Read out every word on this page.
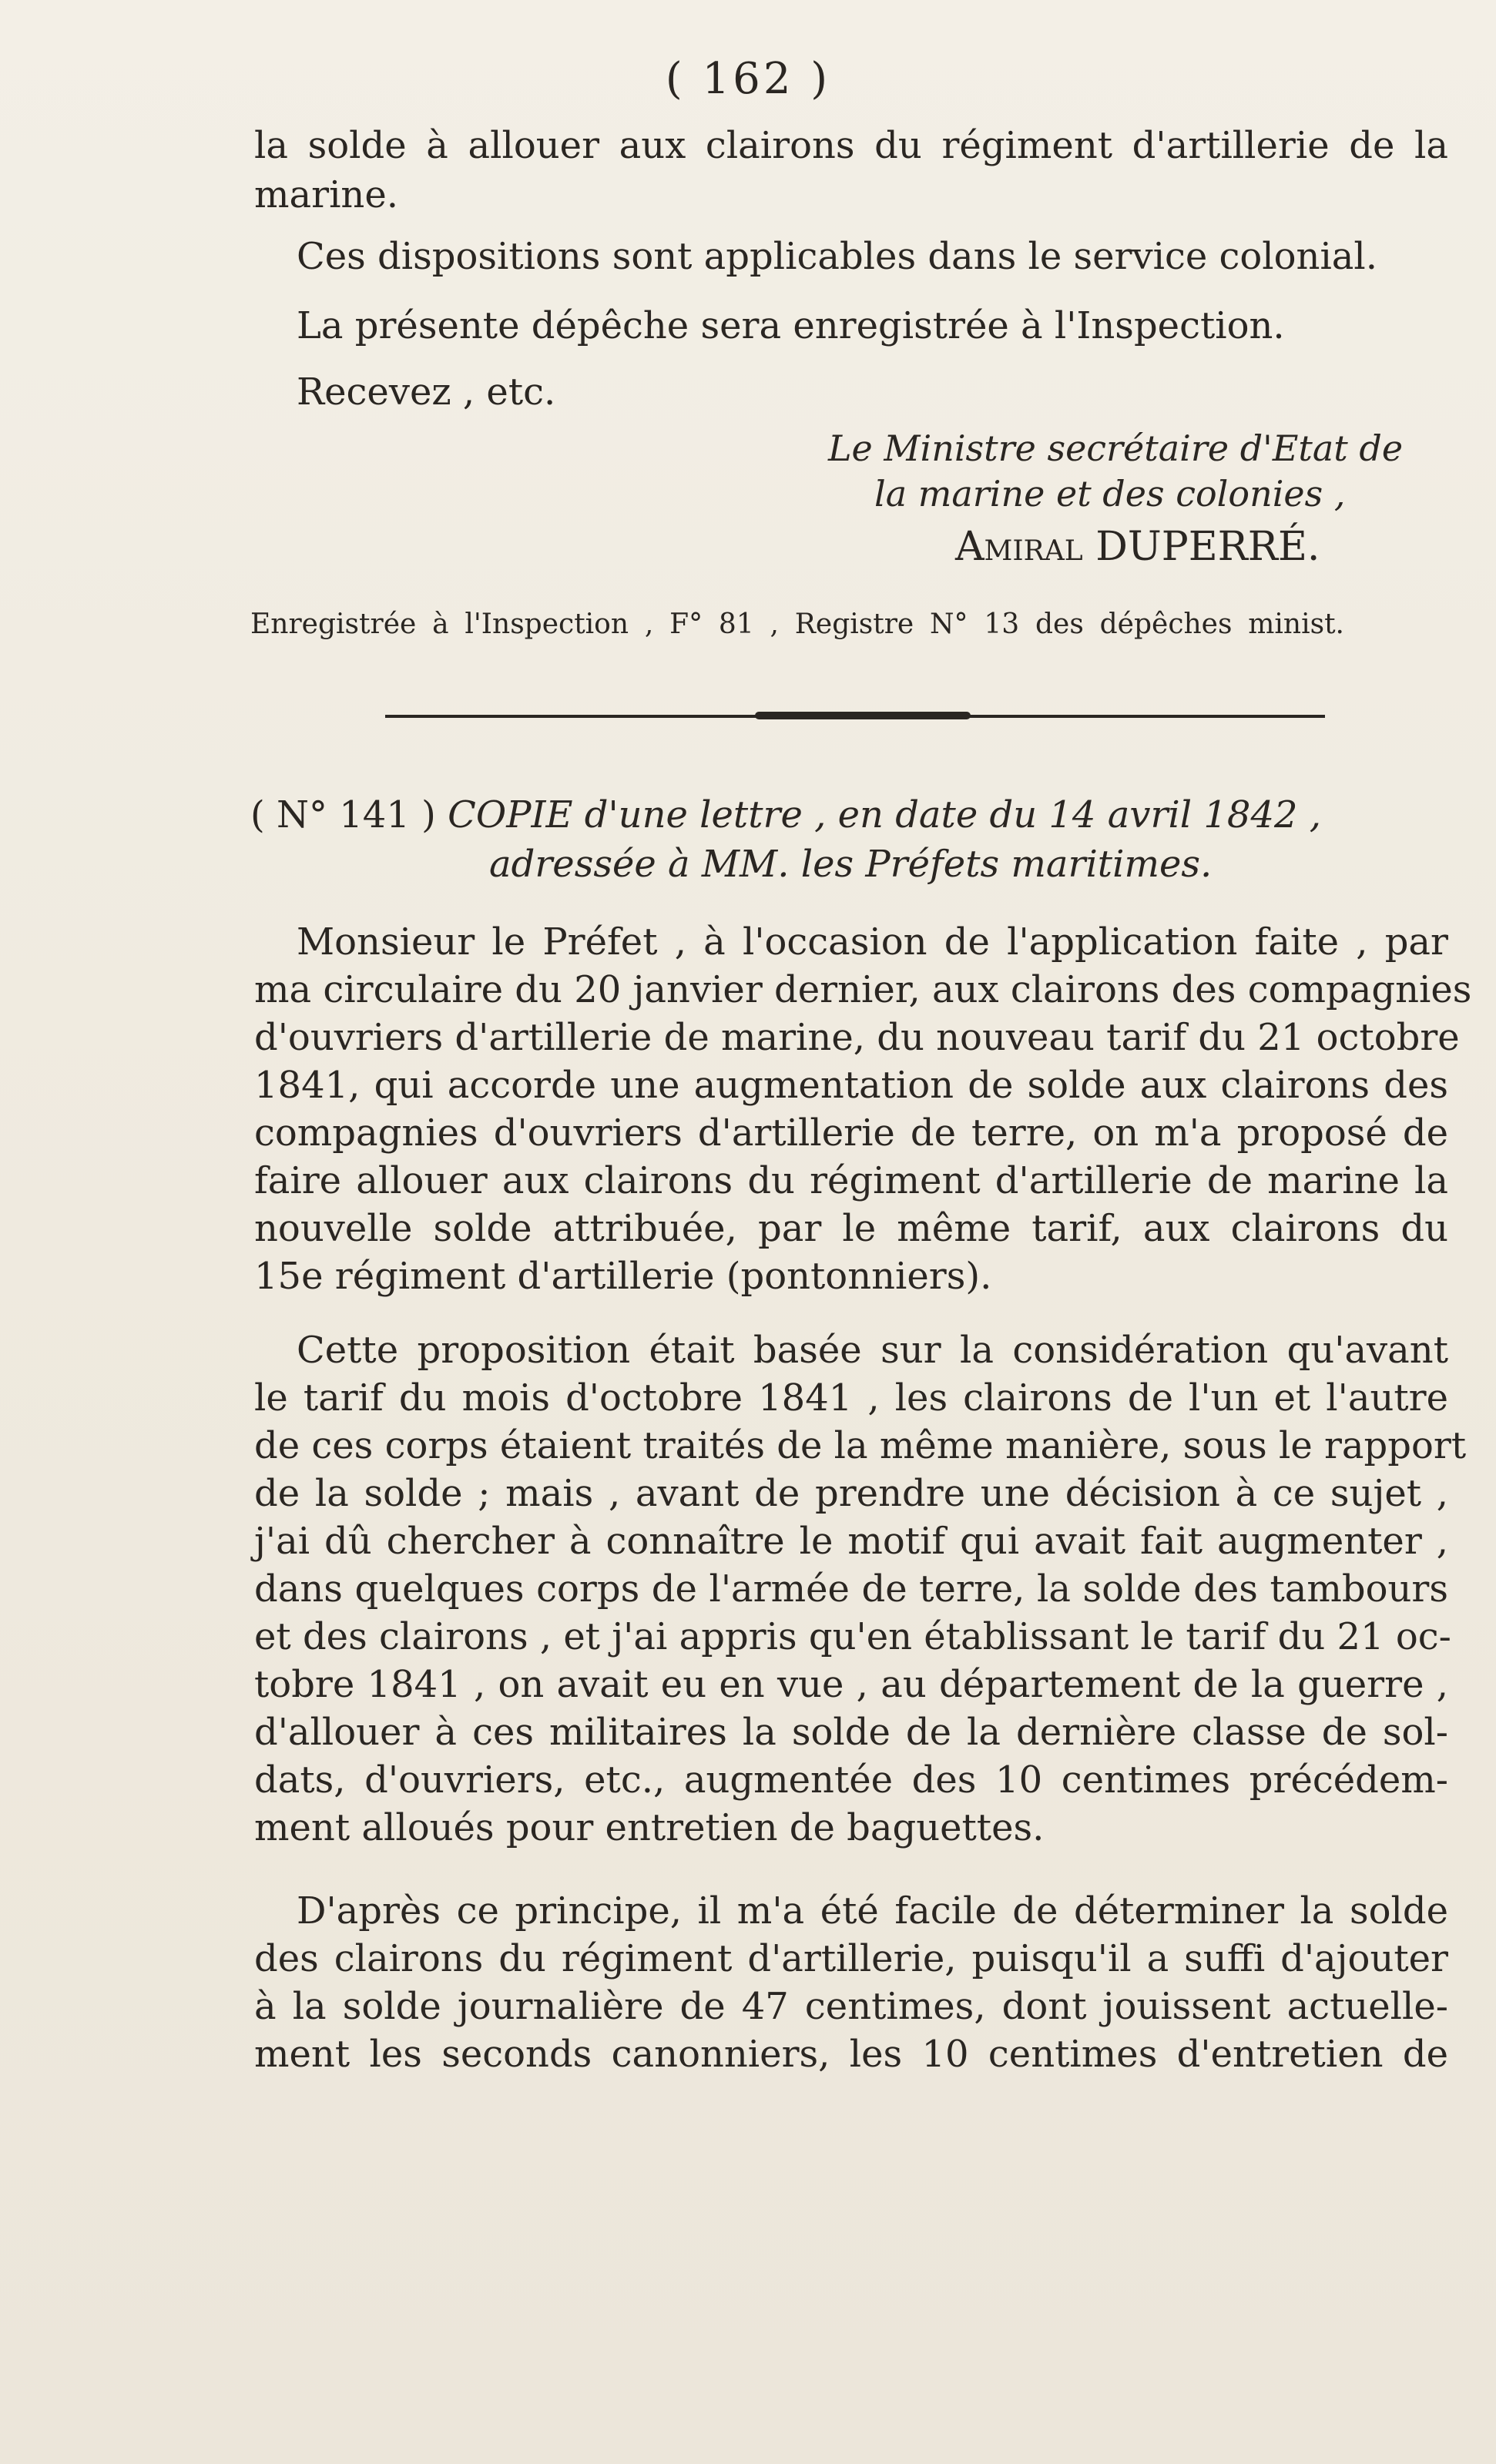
( 162 )
la solde à allouer aux clairons du régiment d'artillerie de la
marine.
Ces dispositions sont applicables dans le service colonial.
La présente dépêche sera enregistrée à l'Inspection.
Recevez , etc.
Le Ministre secrétaire d'Etat de
la marine et des colonies ,
Amiral DUPERRÉ.
Enregistrée à l'Inspection , F° 81 , Registre N° 13 des dépêches minist.
( N° 141 ) COPIE d'une lettre , en date du 14 avril 1842 ,
adressée à MM. les Préfets maritimes.
Monsieur le Préfet , à l'occasion de l'application faite , par
ma circulaire du 20 janvier dernier, aux clairons des compagnies
d'ouvriers d'artillerie de marine, du nouveau tarif du 21 octobre
1841, qui accorde une augmentation de solde aux clairons des
compagnies d'ouvriers d'artillerie de terre, on m'a proposé de
faire allouer aux clairons du régiment d'artillerie de marine la
nouvelle solde attribuée, par le même tarif, aux clairons du
15e régiment d'artillerie (pontonniers).
Cette proposition était basée sur la considération qu'avant
le tarif du mois d'octobre 1841 , les clairons de l'un et l'autre
de ces corps étaient traités de la même manière, sous le rapport
de la solde ; mais , avant de prendre une décision à ce sujet ,
j'ai dû chercher à connaître le motif qui avait fait augmenter ,
dans quelques corps de l'armée de terre, la solde des tambours
et des clairons , et j'ai appris qu'en établissant le tarif du 21 oc-
tobre 1841 , on avait eu en vue , au département de la guerre ,
d'allouer à ces militaires la solde de la dernière classe de sol-
dats, d'ouvriers, etc., augmentée des 10 centimes précédem-
ment alloués pour entretien de baguettes.
D'après ce principe, il m'a été facile de déterminer la solde
des clairons du régiment d'artillerie, puisqu'il a suffi d'ajouter
à la solde journalière de 47 centimes, dont jouissent actuelle-
ment les seconds canonniers, les 10 centimes d'entretien de
